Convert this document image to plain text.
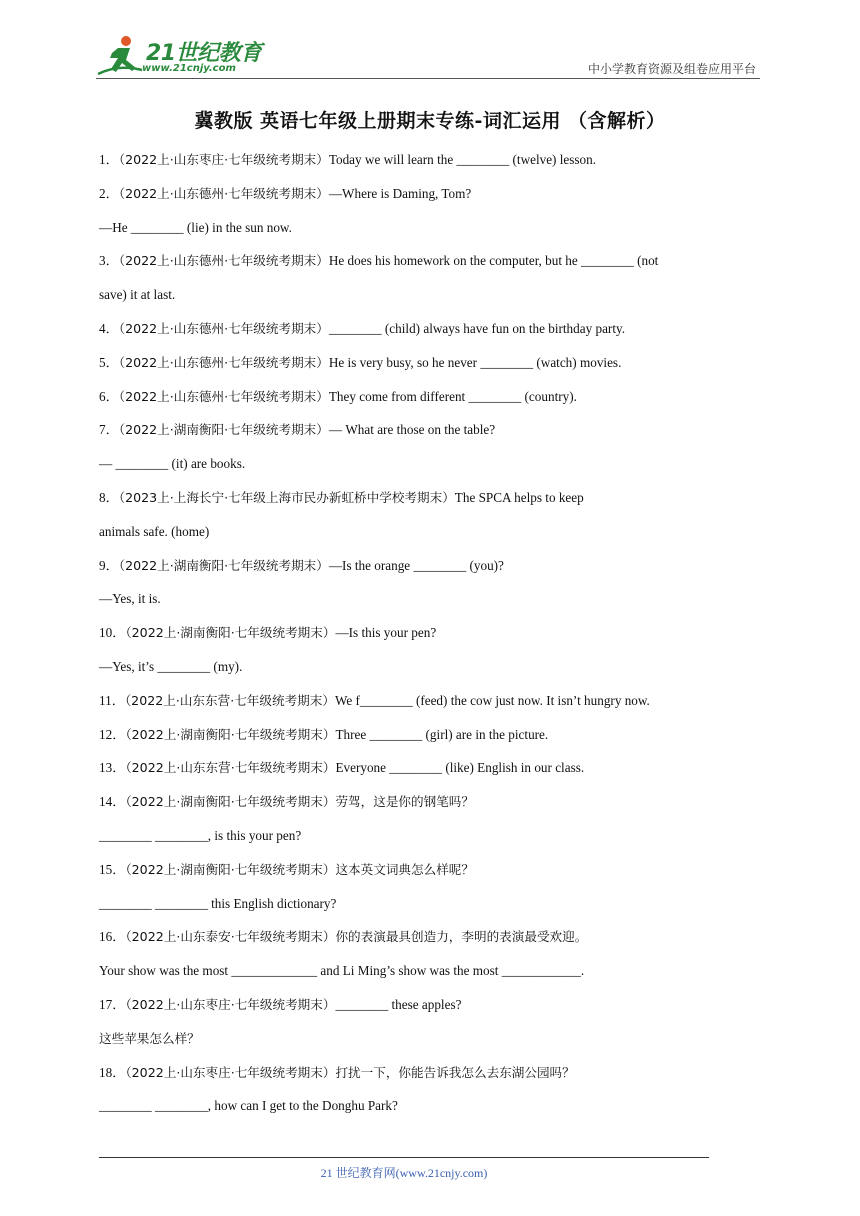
21世纪教育
www.21cnjy.com	中小学教育资源及组卷应用平台
冀教版 英语七年级上册期末专练-词汇运用 （含解析）
1．（2022上·山东枣庄·七年级统考期末）Today we will learn the ________ (twelve) lesson.
2．（2022上·山东德州·七年级统考期末）—Where is Daming, Tom?
—He ________ (lie) in the sun now.
3．（2022上·山东德州·七年级统考期末）He does his homework on the computer, but he ________ (not
save) it at last.
4．（2022上·山东德州·七年级统考期末）________ (child) always have fun on the birthday party.
5．（2022上·山东德州·七年级统考期末）He is very busy, so he never ________ (watch) movies.
6．（2022上·山东德州·七年级统考期末）They come from different ________ (country).
7．（2022上·湖南衡阳·七年级统考期末）— What are those on the table?
— ________ (it) are books.
8．（2023上·上海长宁·七年级上海市民办新虹桥中学校考期末）The SPCA helps to keep
animals safe. (home)
9．（2022上·湖南衡阳·七年级统考期末）—Is the orange ________ (you)?
—Yes, it is.
10．（2022上·湖南衡阳·七年级统考期末）—Is this your pen?
—Yes, it’s ________ (my).
11．（2022上·山东东营·七年级统考期末）We f________ (feed) the cow just now. It isn’t hungry now.
12．（2022上·湖南衡阳·七年级统考期末）Three ________ (girl) are in the picture.
13．（2022上·山东东营·七年级统考期末）Everyone ________ (like) English in our class.
14．（2022上·湖南衡阳·七年级统考期末）劳驾，这是你的钢笔吗？
________ ________, is this your pen?
15．（2022上·湖南衡阳·七年级统考期末）这本英文词典怎么样呢？
________ ________ this English dictionary?
16．（2022上·山东泰安·七年级统考期末）你的表演最具创造力，李明的表演最受欢迎。
Your show was the most _____________ and Li Ming’s show was the most ____________.
17．（2022上·山东枣庄·七年级统考期末）________ these apples?
这些苹果怎么样？
18．（2022上·山东枣庄·七年级统考期末）打扰一下，你能告诉我怎么去东湖公园吗？
________ ________, how can I get to the Donghu Park?
21 世纪教育网(www.21cnjy.com)
